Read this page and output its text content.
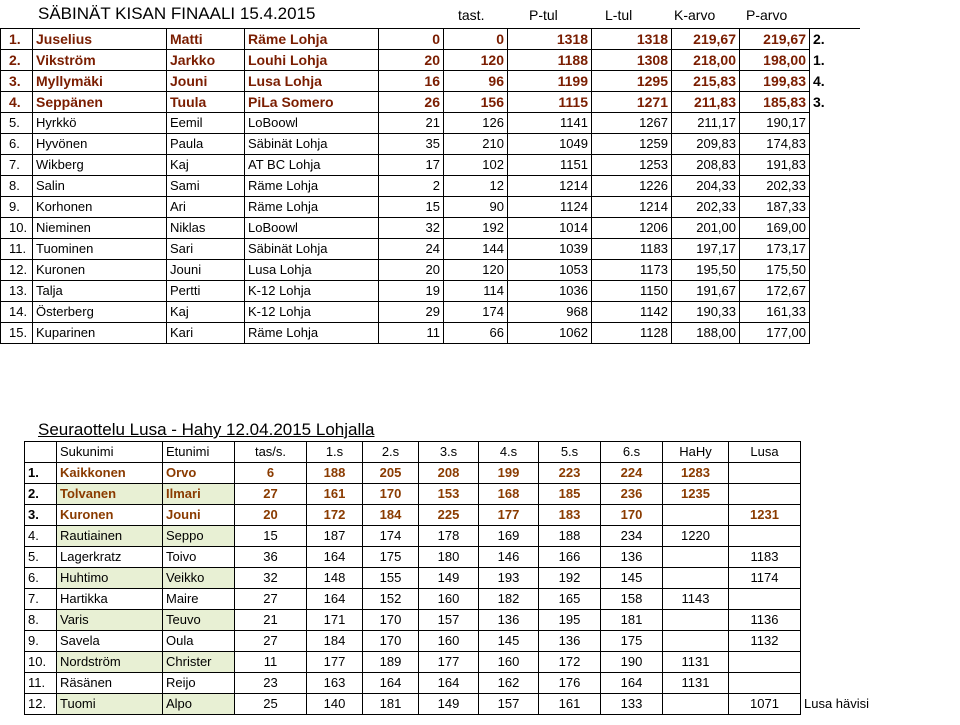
SÄBINÄT KISAN FINAALI 15.4.2015	tast.	P-tul	L-tul	K-arvo P-arvo
1.	Juselius	Matti	Räme Lohja	0	0	1318	1318	219,67	219,67	2.
2.	Vikström	Jarkko	Louhi Lohja	20	120	1188	1308	218,00	198,00	1.
3.	Myllymäki	Jouni	Lusa Lohja	16	96	1199	1295	215,83	199,83	4.
4.	Seppänen	Tuula	PiLa Somero	26	156	1115	1271	211,83	185,83	3.
5.	Hyrkkö	Eemil	LoBoowl	21	126	1141	1267	211,17	190,17	
6.	Hyvönen	Paula	Säbinät Lohja	35	210	1049	1259	209,83	174,83	
7.	Wikberg	Kaj	AT BC Lohja	17	102	1151	1253	208,83	191,83	
8.	Salin	Sami	Räme Lohja	2	12	1214	1226	204,33	202,33	
9.	Korhonen	Ari	Räme Lohja	15	90	1124	1214	202,33	187,33	
10.	Nieminen	Niklas	LoBoowl	32	192	1014	1206	201,00	169,00	
11.	Tuominen	Sari	Säbinät Lohja	24	144	1039	1183	197,17	173,17	
12.	Kuronen	Jouni	Lusa Lohja	20	120	1053	1173	195,50	175,50	
13.	Talja	Pertti	K-12 Lohja	19	114	1036	1150	191,67	172,67	
14.	Österberg	Kaj	K-12 Lohja	29	174	968	1142	190,33	161,33	
15.	Kuparinen	Kari	Räme Lohja	11	66	1062	1128	188,00	177,00	
Seuraottelu Lusa - Hahy 12.04.2015 Lohjalla
	Sukunimi	Etunimi	tas/s.	1.s	2.s	3.s	4.s	5.s	6.s	HaHy	Lusa	
1.	Kaikkonen	Orvo	6	188	205	208	199	223	224	1283		
2.	Tolvanen	Ilmari	27	161	170	153	168	185	236	1235		
3.	Kuronen	Jouni	20	172	184	225	177	183	170		1231	
4.	Rautiainen	Seppo	15	187	174	178	169	188	234	1220		
5.	Lagerkratz	Toivo	36	164	175	180	146	166	136		1183	
6.	Huhtimo	Veikko	32	148	155	149	193	192	145		1174	
7.	Hartikka	Maire	27	164	152	160	182	165	158	1143		
8.	Varis	Teuvo	21	171	170	157	136	195	181		1136	
9.	Savela	Oula	27	184	170	160	145	136	175		1132	
10.	Nordström	Christer	11	177	189	177	160	172	190	1131		
11.	Räsänen	Reijo	23	163	164	164	162	176	164	1131		
12.	Tuomi	Alpo	25	140	181	149	157	161	133		1071	Lusa hävisi
